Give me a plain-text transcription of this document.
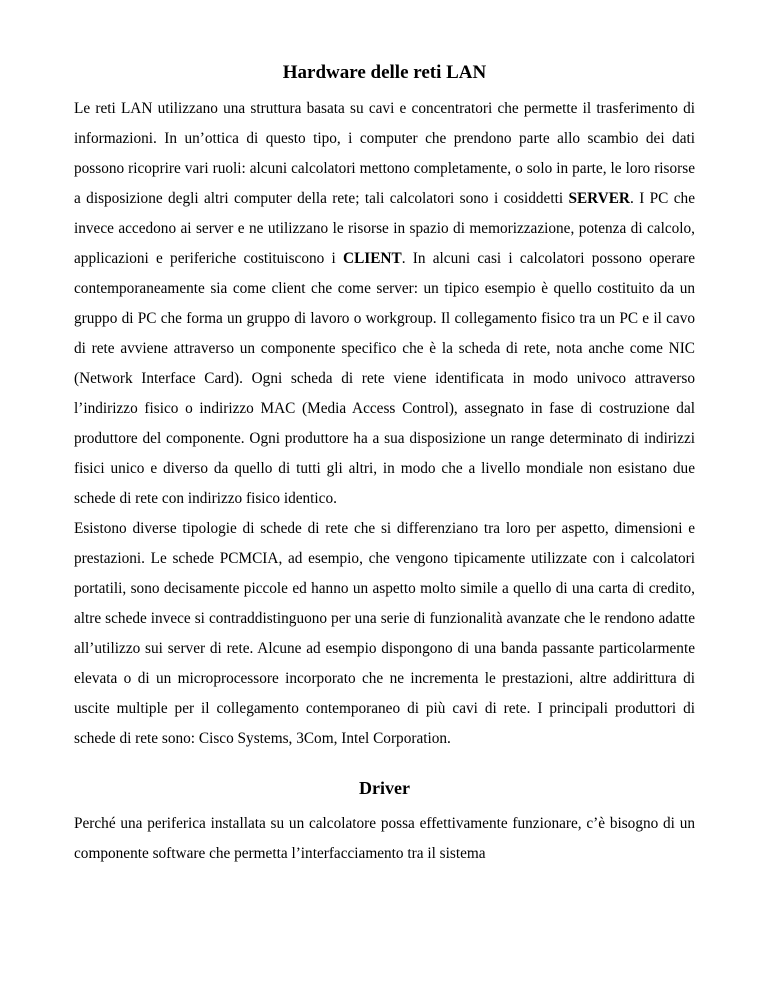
Hardware delle reti LAN

Le reti LAN utilizzano una struttura basata su cavi e concentratori che permette il trasferimento di informazioni. In un’ottica di questo tipo, i computer che prendono parte allo scambio dei dati possono ricoprire vari ruoli: alcuni calcolatori mettono completamente, o solo in parte, le loro risorse a disposizione degli altri computer della rete; tali calcolatori sono i cosiddetti SERVER. I PC che invece accedono ai server e ne utilizzano le risorse in spazio di memorizzazione, potenza di calcolo, applicazioni e periferiche costituiscono i CLIENT. In alcuni casi i calcolatori possono operare contemporaneamente sia come client che come server: un tipico esempio è quello costituito da un gruppo di PC che forma un gruppo di lavoro o workgroup. Il collegamento fisico tra un PC e il cavo di rete avviene attraverso un componente specifico che è la scheda di rete, nota anche come NIC (Network Interface Card). Ogni scheda di rete viene identificata in modo univoco attraverso l’indirizzo fisico o indirizzo MAC (Media Access Control), assegnato in fase di costruzione dal produttore del componente. Ogni produttore ha a sua disposizione un range determinato di indirizzi fisici unico e diverso da quello di tutti gli altri, in modo che a livello mondiale non esistano due schede di rete con indirizzo fisico identico.

Esistono diverse tipologie di schede di rete che si differenziano tra loro per aspetto, dimensioni e prestazioni. Le schede PCMCIA, ad esempio, che vengono tipicamente utilizzate con i calcolatori portatili, sono decisamente piccole ed hanno un aspetto molto simile a quello di una carta di credito, altre schede invece si contraddistinguono per una serie di funzionalità avanzate che le rendono adatte all’utilizzo sui server di rete. Alcune ad esempio dispongono di una banda passante particolarmente elevata o di un microprocessore incorporato che ne incrementa le prestazioni, altre addirittura di uscite multiple per il collegamento contemporaneo di più cavi di rete. I principali produttori di schede di rete sono: Cisco Systems, 3Com, Intel Corporation.

Driver

Perché una periferica installata su un calcolatore possa effettivamente funzionare, c’è bisogno di un componente software che permetta l’interfacciamento tra il sistema
